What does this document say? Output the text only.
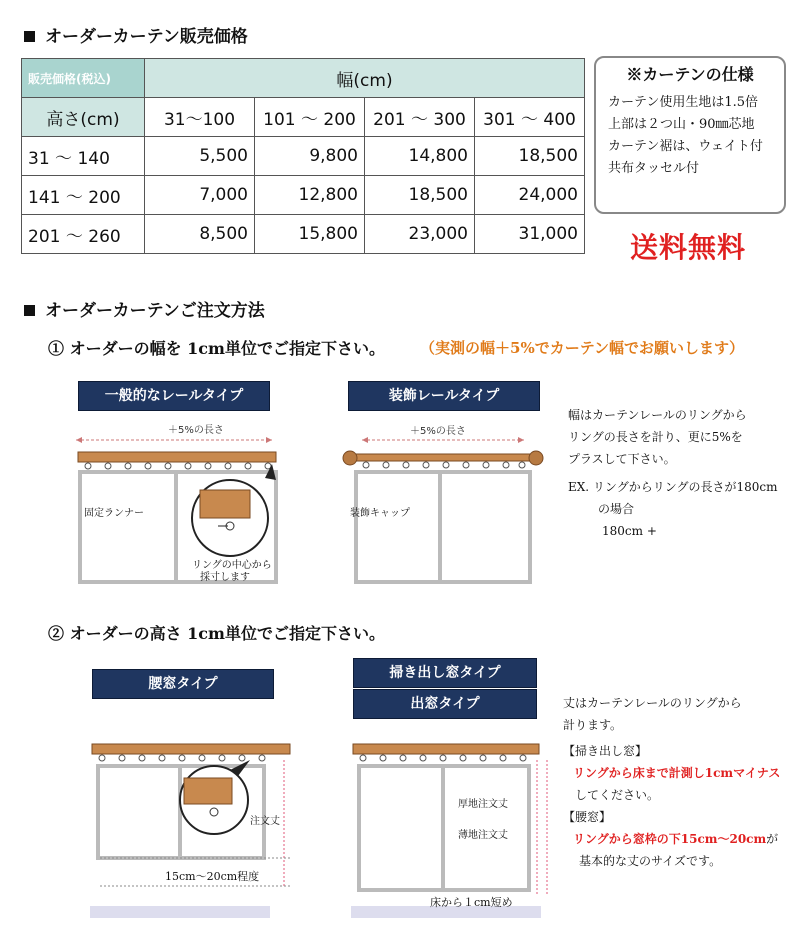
オーダーカーテン販売価格
販売価格(税込)	幅(cm)			
高さ(cm)	31〜100	101 〜 200	201 〜 300	301 〜 400
31 〜 140	5,500	9,800	14,800	18,500
141 〜 200	7,000	12,800	18,500	24,000
201 〜 260	8,500	15,800	23,000	31,000
※カーテンの仕様
カーテン使用生地は1.5倍
上部は２つ山・90㎜芯地
カーテン裾は、ウェイト付
共布タッセル付
送料無料
オーダーカーテンご注文方法
① オーダーの幅を 1cm単位でご指定下さい。 （実測の幅＋5%でカーテン幅でお願いします）
一般的なレールタイプ	装飾レールタイプ
＋5%の長さ
固定ランナー
リングの中心から
採寸します
＋5%の長さ
装飾キャップ
幅はカーテンレールのリングから
リングの長さを計り、更に5%を
プラスして下さい。
EX. リングからリングの長さが180cm
の場合
180cm +
② オーダーの高さ 1cm単位でご指定下さい。
腰窓タイプ
掃き出し窓タイプ
出窓タイプ
注文丈
15cm〜20cm程度
厚地注文丈
薄地注文丈
床から１cm短め
丈はカーテンレールのリングから
計ります。
【掃き出し窓】
リングから床まで計測し1cmマイナス
してください。
【腰窓】
リングから窓枠の下15cm〜20cmが
基本的な丈のサイズです。
